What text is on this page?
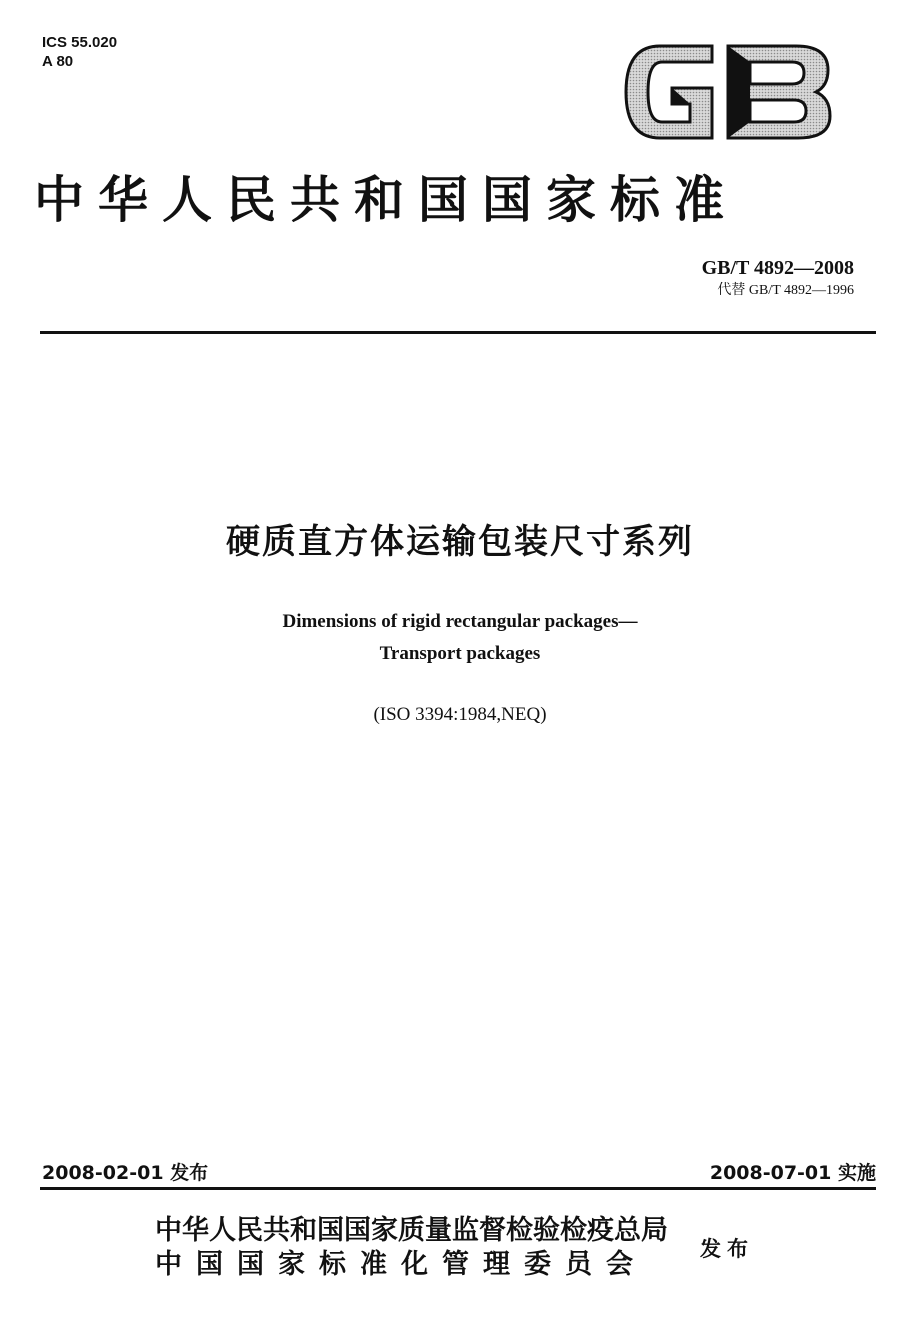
ICS 55.020
A 80
中华人民共和国国家标准
GB/T 4892—2008
代替 GB/T 4892—1996
硬质直方体运输包装尺寸系列
Dimensions of rigid rectangular packages—
Transport packages
(ISO 3394:1984,NEQ)
2008-02-01 发布	2008-07-01 实施
中华人民共和国国家质量监督检验检疫总局
中国国家标准化管理委员会
发布
